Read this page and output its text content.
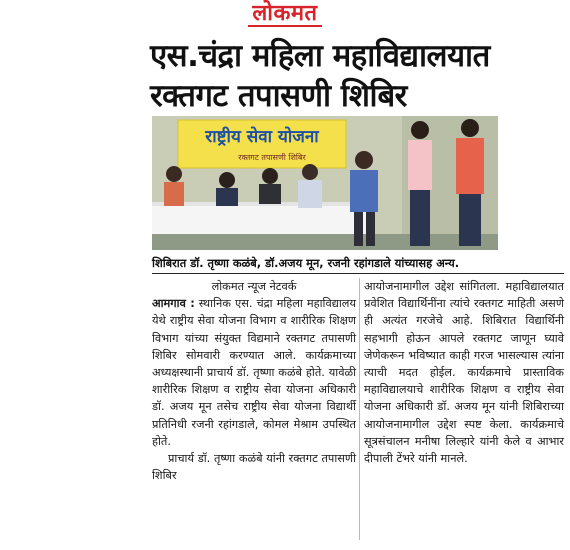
लोकमत
एस.चंद्रा महिला महाविद्यालयात
रक्तगट तपासणी शिबिर
राष्ट्रीय सेवा योजना
रक्तगट तपासणी शिबिर
शिबिरात डॉ. तृष्णा कळंबे, डॉ.अजय मून, रजनी रहांगडाले यांच्यासह अन्य.
लोकमत न्यूज नेटवर्क

आमगाव : स्थानिक एस. चंद्रा महिला महाविद्यालय येथे राष्ट्रीय सेवा योजना विभाग व शारीरिक शिक्षण विभाग यांच्या संयुक्त विद्यमाने रक्तगट तपासणी शिबिर सोमवारी करण्यात आले. कार्यक्रमाच्या अध्यक्षस्थानी प्राचार्य डॉ. तृष्णा कळंबे होते. यावेळी शारीरिक शिक्षण व राष्ट्रीय सेवा योजना अधिकारी डॉ. अजय मून तसेच राष्ट्रीय सेवा योजना विद्यार्थी प्रतिनिधी रजनी रहांगडाले, कोमल मेश्राम उपस्थित होते.

प्राचार्य डॉ. तृष्णा कळंबे यांनी रक्तगट तपासणी शिबिर

आयोजनामागील उद्देश सांगितला. महाविद्यालयात प्रवेशित विद्यार्थिनींना त्यांचे रक्तगट माहिती असणे ही अत्यंत गरजेचे आहे. शिबिरात विद्यार्थिनी सहभागी होऊन आपले रक्तगट जाणून घ्यावे जेणेकरून भविष्यात काही गरज भासल्यास त्यांना त्याची मदत होईल. कार्यक्रमाचे प्रास्ताविक महाविद्यालयाचे शारीरिक शिक्षण व राष्ट्रीय सेवा योजना अधिकारी डॉ. अजय मून यांनी शिबिराच्या आयोजनामागील उद्देश स्पष्ट केला. कार्यक्रमाचे सूत्रसंचालन मनीषा लिल्हारे यांनी केले व आभार दीपाली टेंभरे यांनी मानले.
